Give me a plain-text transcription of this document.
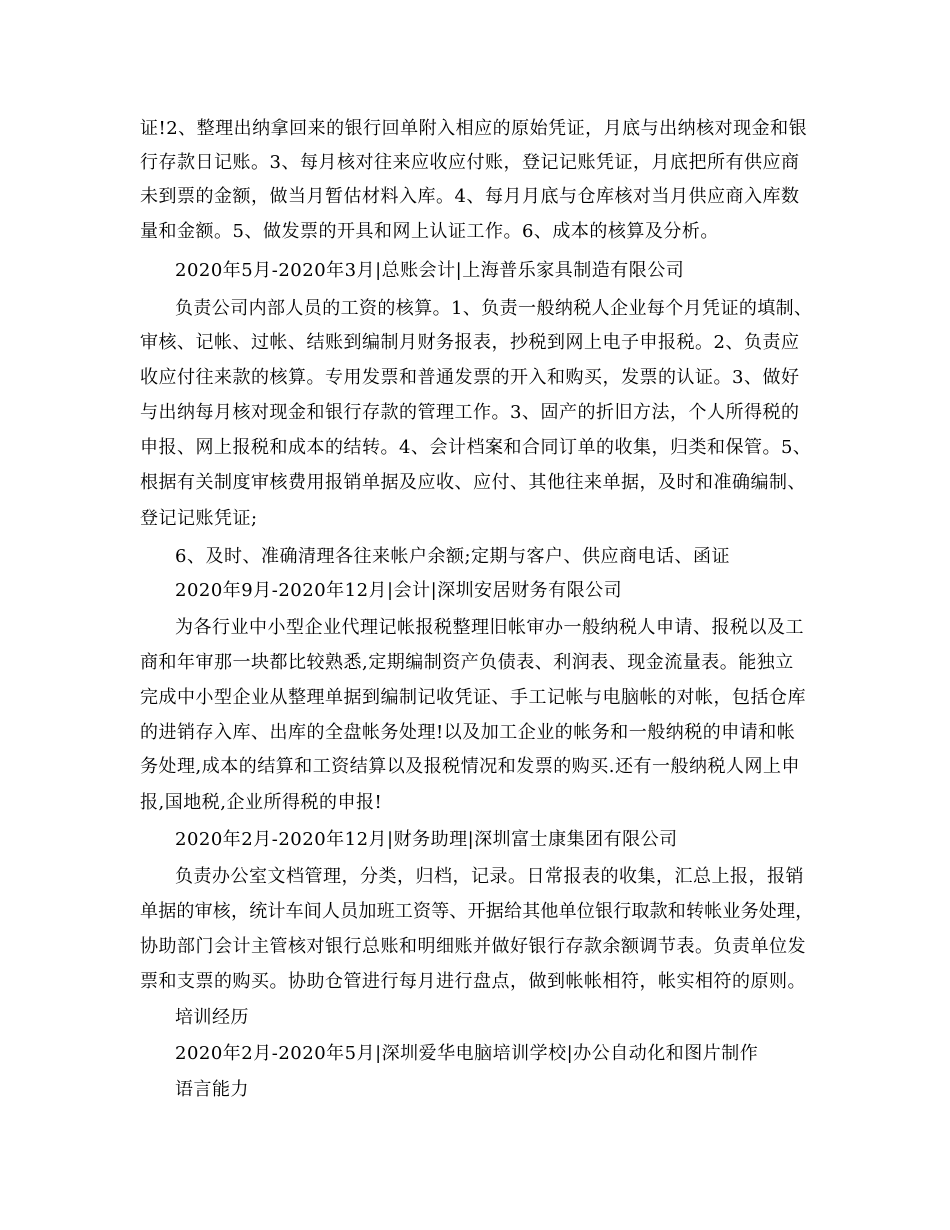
证!2、整理出纳拿回来的银行回单附入相应的原始凭证，月底与出纳核对现金和银
行存款日记账。3、每月核对往来应收应付账，登记记账凭证，月底把所有供应商
未到票的金额，做当月暂估材料入库。4、每月月底与仓库核对当月供应商入库数
量和金额。5、做发票的开具和网上认证工作。6、成本的核算及分析。
2020年5月-2020年3月|总账会计|上海普乐家具制造有限公司
负责公司内部人员的工资的核算。1、负责一般纳税人企业每个月凭证的填制、
审核、记帐、过帐、结账到编制月财务报表，抄税到网上电子申报税。2、负责应
收应付往来款的核算。专用发票和普通发票的开入和购买，发票的认证。3、做好
与出纳每月核对现金和银行存款的管理工作。3、固产的折旧方法，个人所得税的
申报、网上报税和成本的结转。4、会计档案和合同订单的收集，归类和保管。5、
根据有关制度审核费用报销单据及应收、应付、其他往来单据，及时和准确编制、
登记记账凭证;
6、及时、准确清理各往来帐户余额;定期与客户、供应商电话、函证
2020年9月-2020年12月|会计|深圳安居财务有限公司
为各行业中小型企业代理记帐报税整理旧帐审办一般纳税人申请、报税以及工
商和年审那一块都比较熟悉,定期编制资产负债表、利润表、现金流量表。能独立
完成中小型企业从整理单据到编制记收凭证、手工记帐与电脑帐的对帐，包括仓库
的进销存入库、出库的全盘帐务处理!以及加工企业的帐务和一般纳税的申请和帐
务处理,成本的结算和工资结算以及报税情况和发票的购买.还有一般纳税人网上申
报,国地税,企业所得税的申报!
2020年2月-2020年12月|财务助理|深圳富士康集团有限公司
负责办公室文档管理，分类，归档，记录。日常报表的收集，汇总上报，报销
单据的审核，统计车间人员加班工资等、开据给其他单位银行取款和转帐业务处理，
协助部门会计主管核对银行总账和明细账并做好银行存款余额调节表。负责单位发
票和支票的购买。协助仓管进行每月进行盘点，做到帐帐相符，帐实相符的原则。
培训经历
2020年2月-2020年5月|深圳爱华电脑培训学校|办公自动化和图片制作
语言能力
